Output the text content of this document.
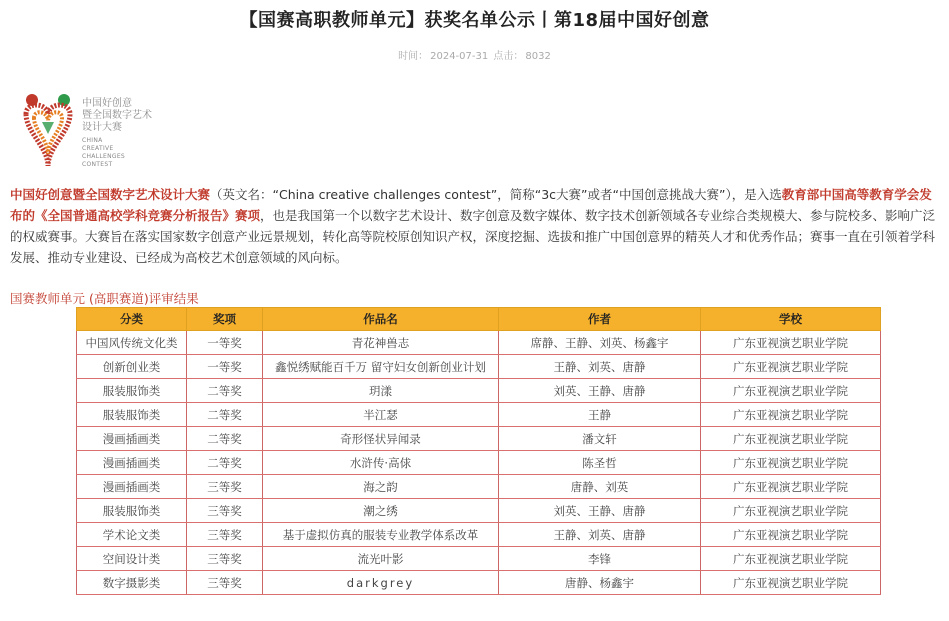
【国赛高职教师单元】获奖名单公示丨第18届中国好创意
时间： 2024-07-31 点击： 8032
中国好创意
暨全国数字艺术
设计大赛
CHINA
CREATIVE
CHALLENGES
CONTEST
中国好创意暨全国数字艺术设计大赛（英文名：“China creative challenges contest”，简称“3c大赛”或者“中国创意挑战大赛”），是入选教育部中国高等教育学会发布的《全国普通高校学科竞赛分析报告》赛项，也是我国第一个以数字艺术设计、数字创意及数字媒体、数字技术创新领域各专业综合类规模大、参与院校多、影响广泛的权威赛事。大赛旨在落实国家数字创意产业远景规划，转化高等院校原创知识产权，深度挖掘、选拔和推广中国创意界的精英人才和优秀作品；赛事一直在引领着学科发展、推动专业建设、已经成为高校艺术创意领域的风向标。
国赛教师单元 (高职赛道)评审结果
分类	奖项	作品名	作者	学校
中国风传统文化类	一等奖	青花神兽志	席静、王静、刘英、杨鑫宇	广东亚视演艺职业学院
创新创业类	一等奖	鑫悦绣赋能百千万 留守妇女创新创业计划	王静、刘英、唐静	广东亚视演艺职业学院
服装服饰类	二等奖	玥漾	刘英、王静、唐静	广东亚视演艺职业学院
服装服饰类	二等奖	半江瑟	王静	广东亚视演艺职业学院
漫画插画类	二等奖	奇形怪状异闻录	潘文轩	广东亚视演艺职业学院
漫画插画类	二等奖	水浒传·高俅	陈圣哲	广东亚视演艺职业学院
漫画插画类	三等奖	海之韵	唐静、刘英	广东亚视演艺职业学院
服装服饰类	三等奖	潮之绣	刘英、王静、唐静	广东亚视演艺职业学院
学术论文类	三等奖	基于虚拟仿真的服装专业教学体系改革	王静、刘英、唐静	广东亚视演艺职业学院
空间设计类	三等奖	流光叶影	李锋	广东亚视演艺职业学院
数字摄影类	三等奖	darkgrey	唐静、杨鑫宇	广东亚视演艺职业学院
